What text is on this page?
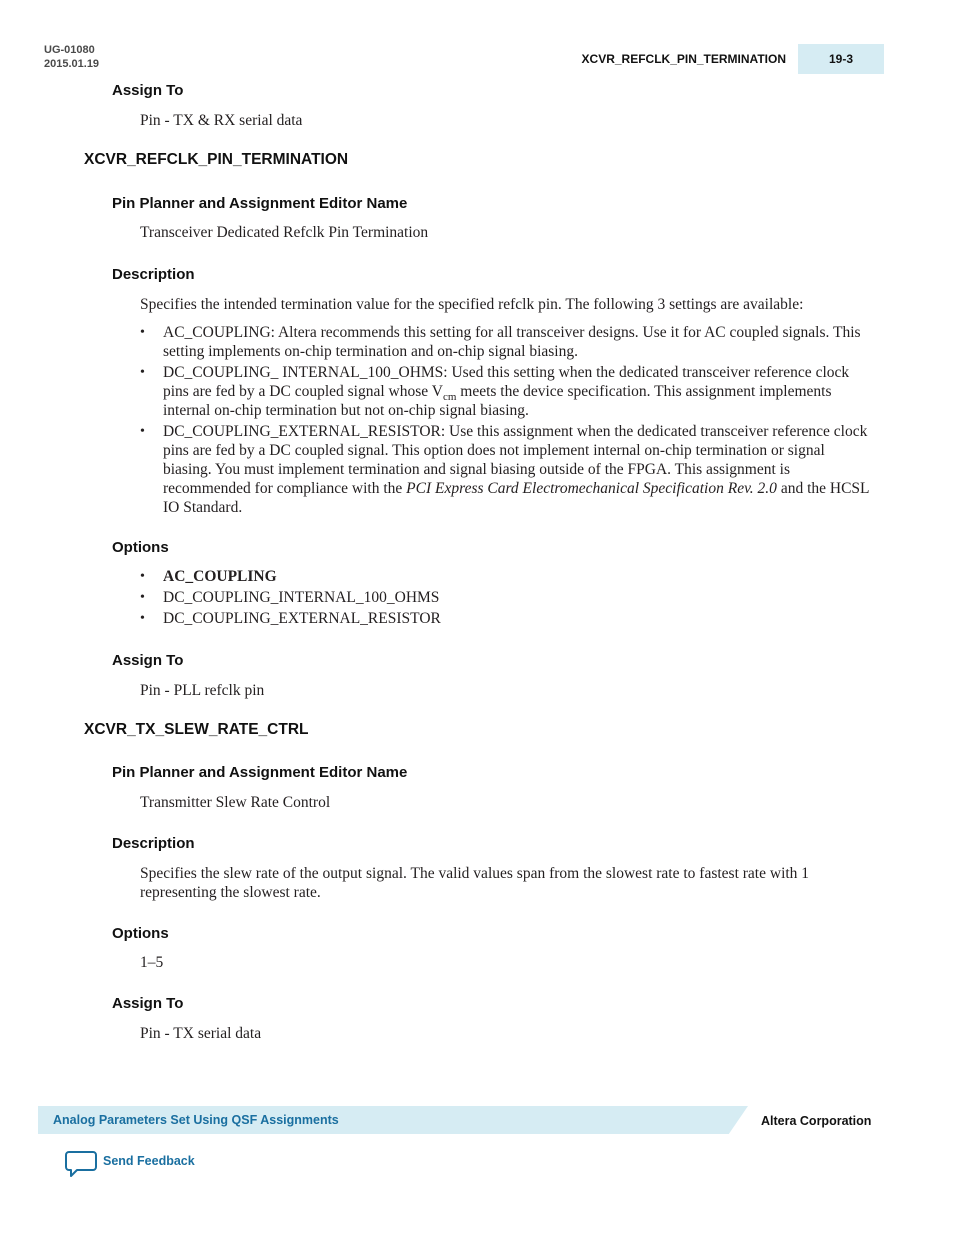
UG-01080
2015.01.19	XCVR_REFCLK_PIN_TERMINATION	19-3
Assign To
Pin - TX & RX serial data
XCVR_REFCLK_PIN_TERMINATION
Pin Planner and Assignment Editor Name
Transceiver Dedicated Refclk Pin Termination
Description
Specifies the intended termination value for the specified refclk pin. The following 3 settings are available:
• AC_COUPLING: Altera recommends this setting for all transceiver designs. Use it for AC coupled signals. This setting implements on-chip termination and on-chip signal biasing.
• DC_COUPLING_ INTERNAL_100_OHMS: Used this setting when the dedicated transceiver reference clock pins are fed by a DC coupled signal whose $V_{cm}$ meets the device specification. This assignment implements internal on-chip termination but not on-chip signal biasing.
• DC_COUPLING_EXTERNAL_RESISTOR: Use this assignment when the dedicated transceiver reference clock pins are fed by a DC coupled signal. This option does not implement internal on-chip termination or signal biasing. You must implement termination and signal biasing outside of the FPGA. This assignment is recommended for compliance with the PCI Express Card Electromechanical Specification Rev. 2.0 and the HCSL IO Standard.
Options
• AC_COUPLING
• DC_COUPLING_INTERNAL_100_OHMS
• DC_COUPLING_EXTERNAL_RESISTOR
Assign To
Pin - PLL refclk pin
XCVR_TX_SLEW_RATE_CTRL
Pin Planner and Assignment Editor Name
Transmitter Slew Rate Control
Description
Specifies the slew rate of the output signal. The valid values span from the slowest rate to fastest rate with 1 representing the slowest rate.
Options
1–5
Assign To
Pin - TX serial data
Analog Parameters Set Using QSF Assignments	Altera Corporation
Send Feedback
